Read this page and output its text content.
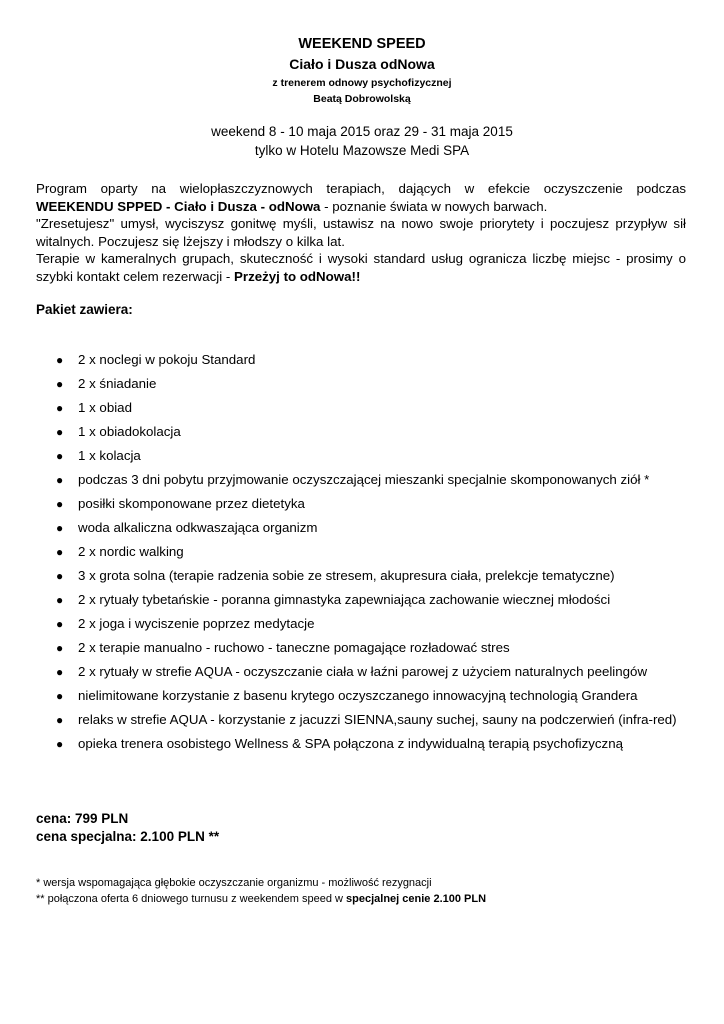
WEEKEND SPEED
Ciało i Dusza odNowa
z trenerem odnowy psychofizycznej
Beatą Dobrowolską
weekend 8 - 10 maja 2015 oraz 29 - 31 maja 2015
tylko w Hotelu Mazowsze Medi SPA

Program oparty na wielopłaszczyznowych terapiach, dających w efekcie oczyszczenie podczas

WEEKENDU SPPED - Ciało i Dusza - odNowa - poznanie świata w nowych barwach.

"Zresetujesz" umysł, wyciszysz gonitwę myśli, ustawisz na nowo swoje priorytety i poczujesz przypływ sił witalnych. Poczujesz się lżejszy i młodszy o kilka lat.

Terapie w kameralnych grupach, skuteczność i wysoki standard usług ogranicza liczbę miejsc - prosimy o szybki kontakt celem rezerwacji - Przeżyj to odNowa!!

Pakiet zawiera:
● 2 x noclegi w pokoju Standard
● 2 x śniadanie
● 1 x obiad
● 1 x obiadokolacja
● 1 x kolacja
● podczas 3 dni pobytu przyjmowanie oczyszczającej mieszanki specjalnie skomponowanych ziół *
● posiłki skomponowane przez dietetyka
● woda alkaliczna odkwaszająca organizm
● 2 x nordic walking
● 3 x grota solna (terapie radzenia sobie ze stresem, akupresura ciała, prelekcje tematyczne)
● 2 x rytuały tybetańskie - poranna gimnastyka zapewniająca zachowanie wiecznej młodości
● 2 x joga i wyciszenie poprzez medytacje
● 2 x terapie manualno - ruchowo - taneczne pomagające rozładować stres
● 2 x rytuały w strefie AQUA - oczyszczanie ciała w łaźni parowej z użyciem naturalnych peelingów
● nielimitowane korzystanie z basenu krytego oczyszczanego innowacyjną technologią Grandera
● relaks w strefie AQUA - korzystanie z jacuzzi SIENNA,sauny suchej, sauny na podczerwień (infra-red)
● opieka trenera osobistego Wellness & SPA połączona z indywidualną terapią psychofizyczną
cena: 799 PLN
cena specjalna: 2.100 PLN **
* wersja wspomagająca głębokie oczyszczanie organizmu - możliwość rezygnacji
** połączona oferta 6 dniowego turnusu z weekendem speed w specjalnej cenie 2.100 PLN
